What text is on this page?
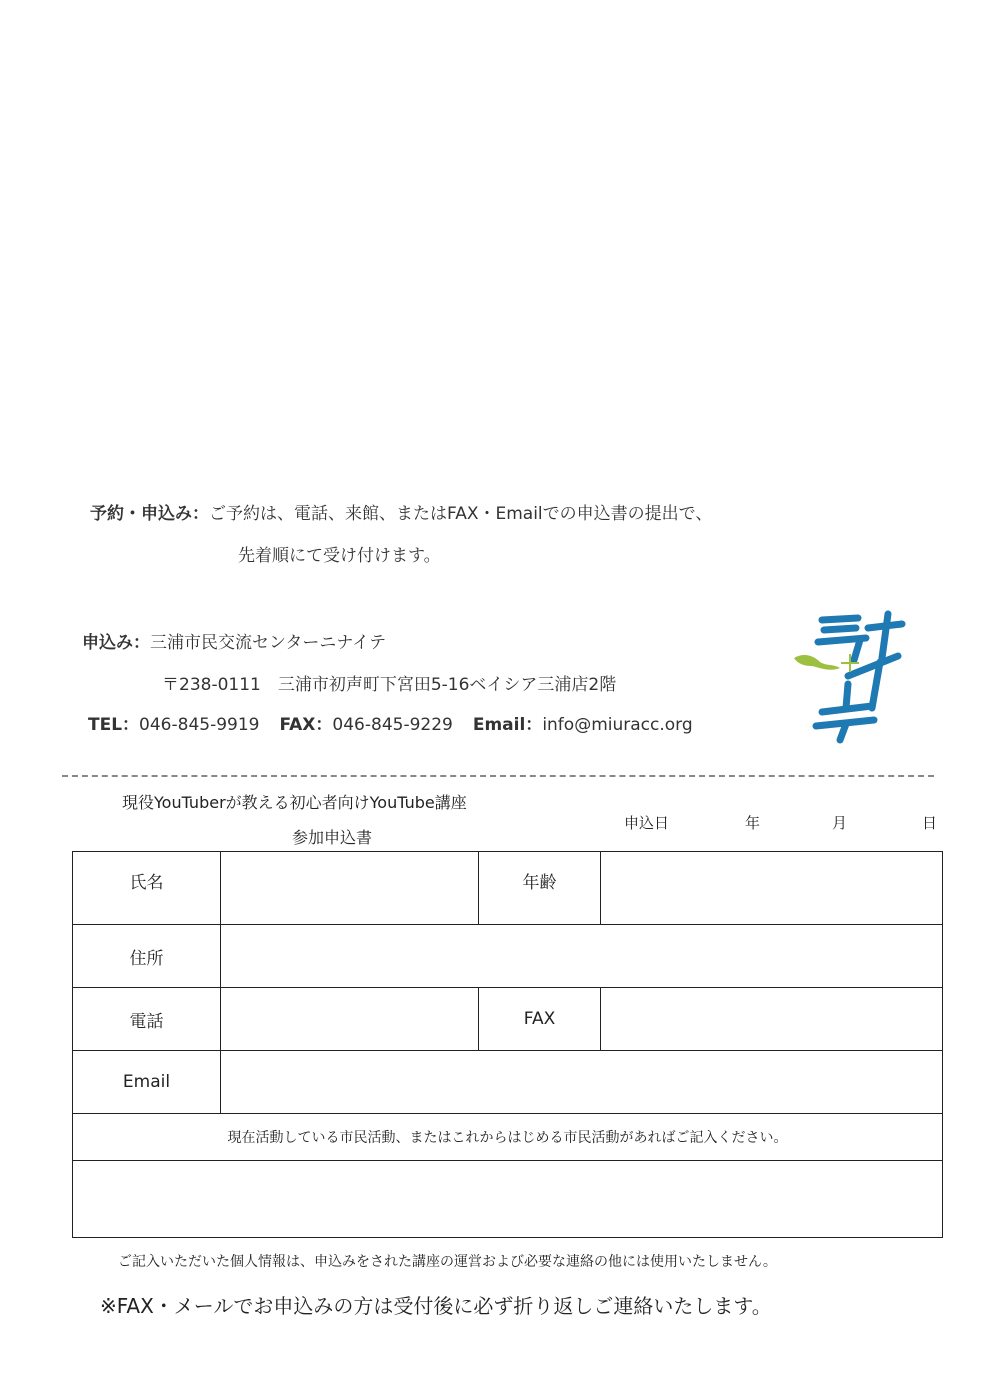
予約・申込み：ご予約は、電話、来館、またはFAX・Emailでの申込書の提出で、
先着順にて受け付けます。
申込み：三浦市民交流センターニナイテ
〒238-0111　三浦市初声町下宮田5-16ベイシア三浦店2階
TEL：046-845-9919 FAX：046-845-9229 Email：info@miuracc.org
現役YouTuberが教える初心者向けYouTube講座
参加申込書
申込日	年	月	日
氏名		年齢	
住所			
電話		FAX	
Email			
現在活動している市民活動、またはこれからはじめる市民活動があればご記入ください。			

ご記入いただいた個人情報は、申込みをされた講座の運営および必要な連絡の他には使用いたしません。
※FAX・メールでお申込みの方は受付後に必ず折り返しご連絡いたします。
